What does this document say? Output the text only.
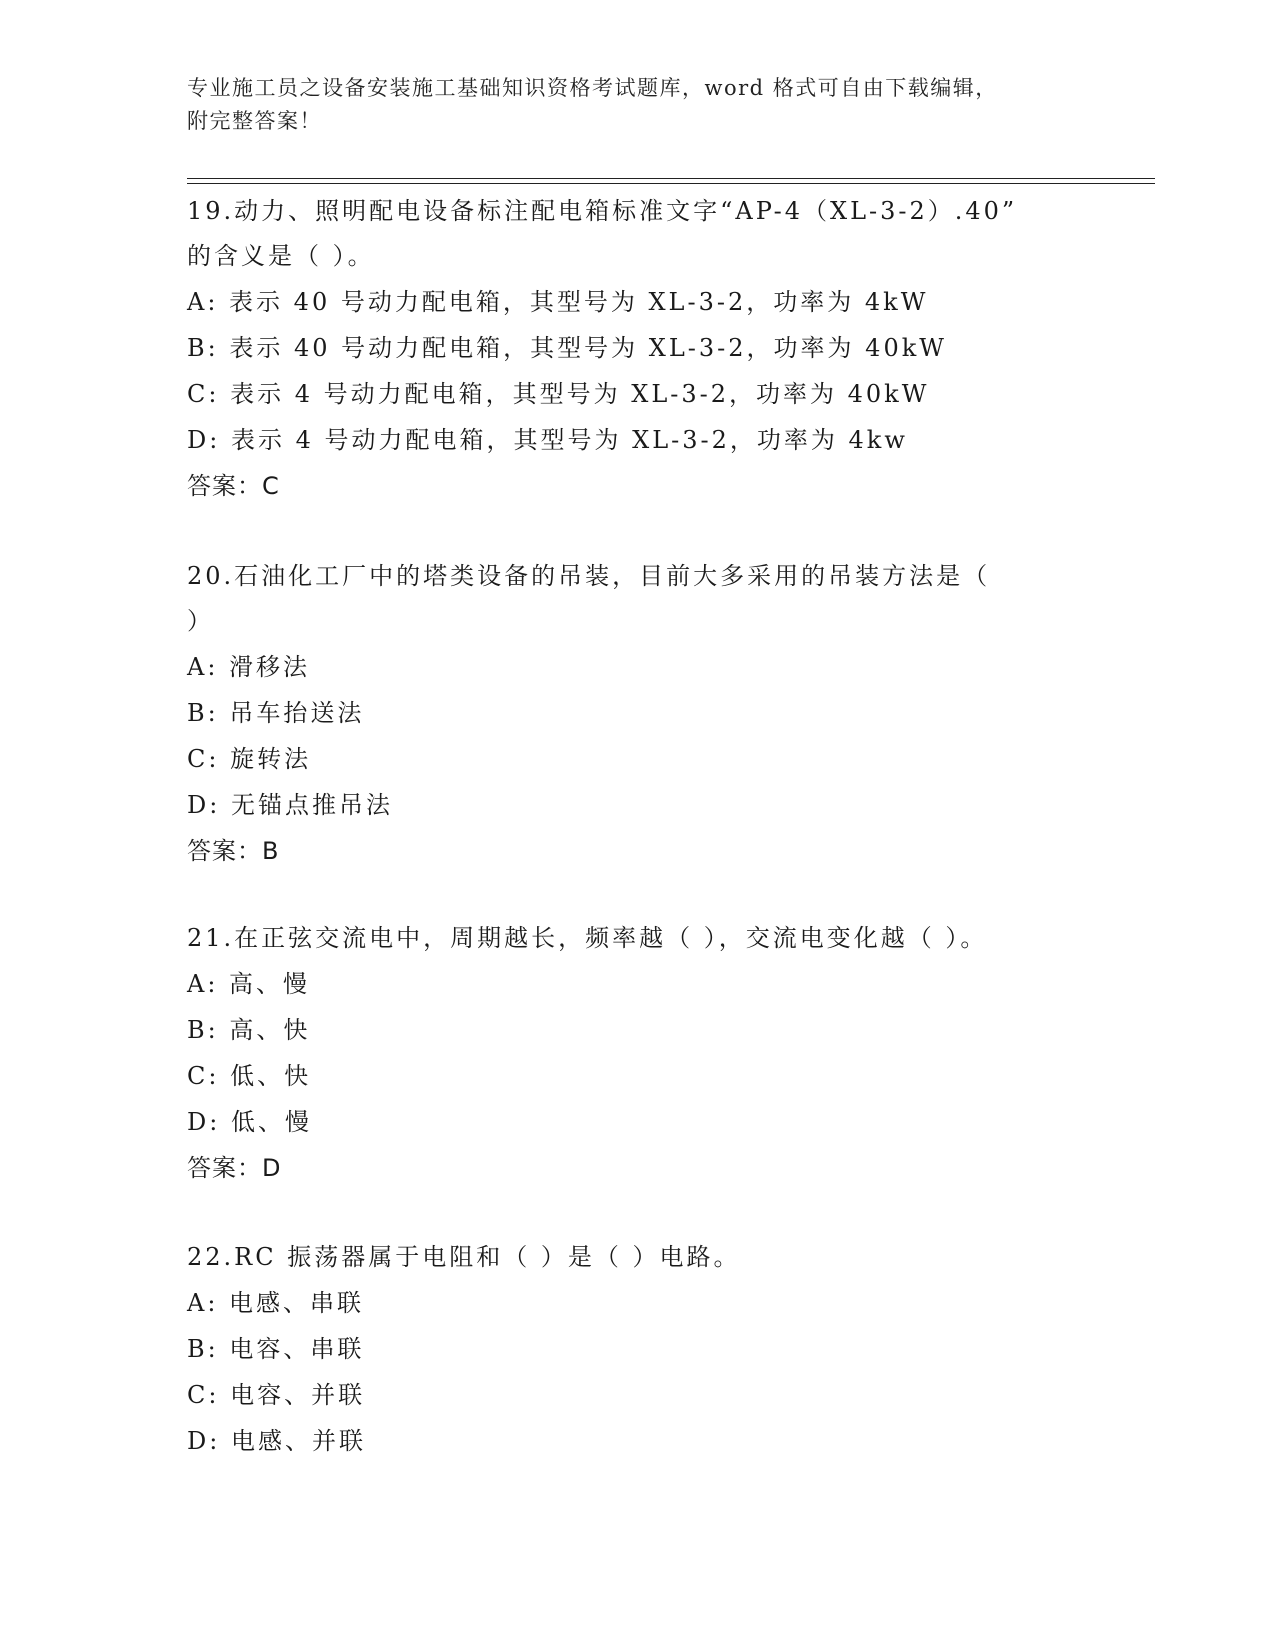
专业施工员之设备安装施工基础知识资格考试题库，word 格式可自由下载编辑，
附完整答案！
19.动力、照明配电设备标注配电箱标准文字“AP-4（XL-3-2）.40”
的含义是（ ）。
A: 表示 40 号动力配电箱，其型号为 XL-3-2，功率为 4kW
B: 表示 40 号动力配电箱，其型号为 XL-3-2，功率为 40kW
C: 表示 4 号动力配电箱，其型号为 XL-3-2，功率为 40kW
D: 表示 4 号动力配电箱，其型号为 XL-3-2，功率为 4kw
答案：C
20.石油化工厂中的塔类设备的吊装，目前大多采用的吊装方法是（
）
A: 滑移法
B: 吊车抬送法
C: 旋转法
D: 无锚点推吊法
答案：B
21.在正弦交流电中，周期越长，频率越（ ），交流电变化越（ ）。
A: 高、慢
B: 高、快
C: 低、快
D: 低、慢
答案：D
22.RC 振荡器属于电阻和（ ）是（ ）电路。
A: 电感、串联
B: 电容、串联
C: 电容、并联
D: 电感、并联
